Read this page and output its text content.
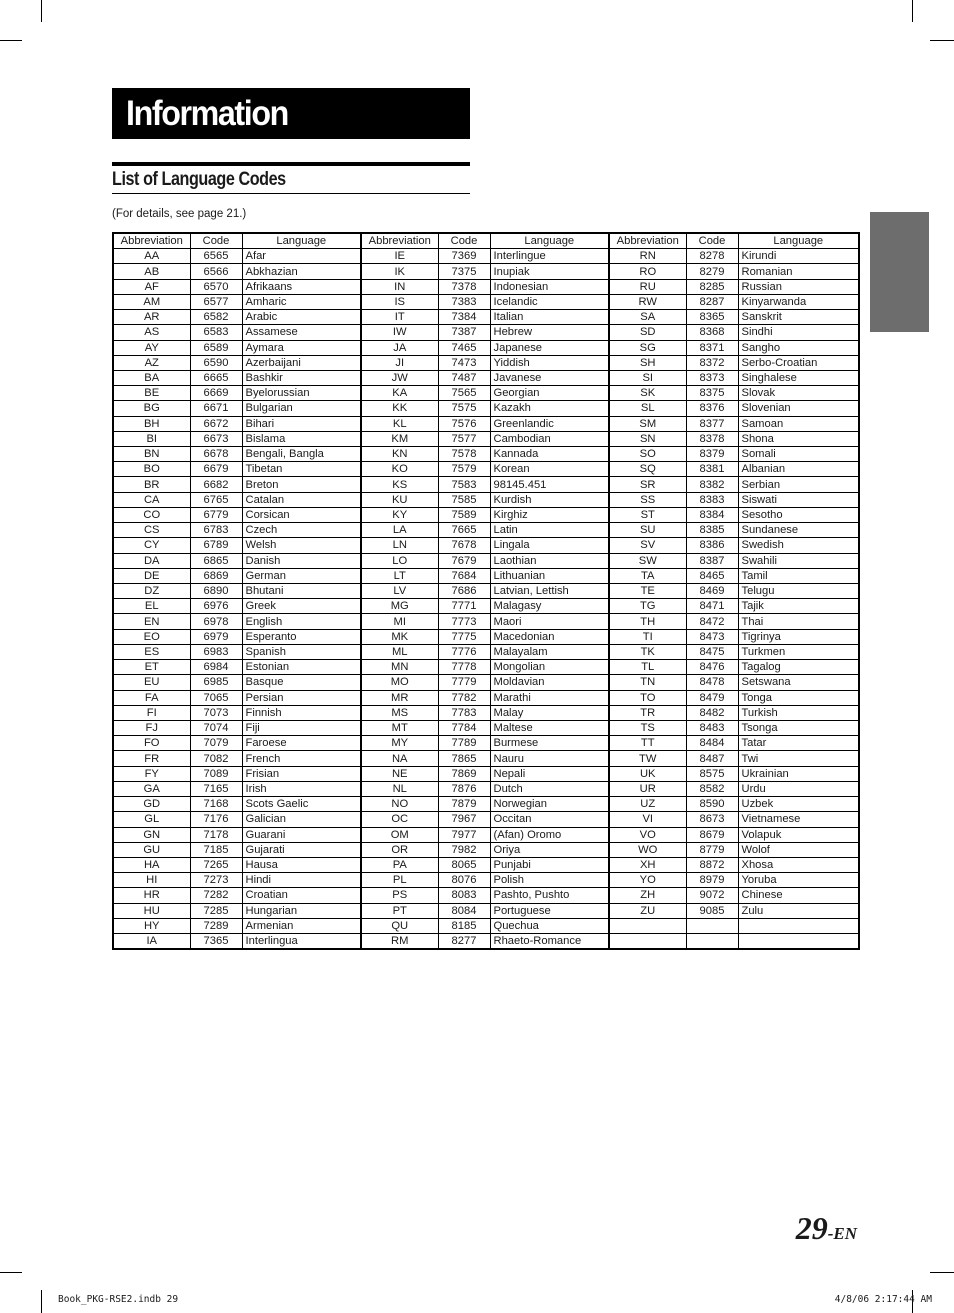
Information
List of Language Codes
(For details, see page 21.)
Abbreviation	Code	Language	Abbreviation	Code	Language	Abbreviation	Code	Language
AA	6565	Afar	IE	7369	Interlingue	RN	8278	Kirundi
AB	6566	Abkhazian	IK	7375	Inupiak	RO	8279	Romanian
AF	6570	Afrikaans	IN	7378	Indonesian	RU	8285	Russian
AM	6577	Amharic	IS	7383	Icelandic	RW	8287	Kinyarwanda
AR	6582	Arabic	IT	7384	Italian	SA	8365	Sanskrit
AS	6583	Assamese	IW	7387	Hebrew	SD	8368	Sindhi
AY	6589	Aymara	JA	7465	Japanese	SG	8371	Sangho
AZ	6590	Azerbaijani	JI	7473	Yiddish	SH	8372	Serbo-Croatian
BA	6665	Bashkir	JW	7487	Javanese	SI	8373	Singhalese
BE	6669	Byelorussian	KA	7565	Georgian	SK	8375	Slovak
BG	6671	Bulgarian	KK	7575	Kazakh	SL	8376	Slovenian
BH	6672	Bihari	KL	7576	Greenlandic	SM	8377	Samoan
BI	6673	Bislama	KM	7577	Cambodian	SN	8378	Shona
BN	6678	Bengali, Bangla	KN	7578	Kannada	SO	8379	Somali
BO	6679	Tibetan	KO	7579	Korean	SQ	8381	Albanian
BR	6682	Breton	KS	7583	98145.451	SR	8382	Serbian
CA	6765	Catalan	KU	7585	Kurdish	SS	8383	Siswati
CO	6779	Corsican	KY	7589	Kirghiz	ST	8384	Sesotho
CS	6783	Czech	LA	7665	Latin	SU	8385	Sundanese
CY	6789	Welsh	LN	7678	Lingala	SV	8386	Swedish
DA	6865	Danish	LO	7679	Laothian	SW	8387	Swahili
DE	6869	German	LT	7684	Lithuanian	TA	8465	Tamil
DZ	6890	Bhutani	LV	7686	Latvian, Lettish	TE	8469	Telugu
EL	6976	Greek	MG	7771	Malagasy	TG	8471	Tajik
EN	6978	English	MI	7773	Maori	TH	8472	Thai
EO	6979	Esperanto	MK	7775	Macedonian	TI	8473	Tigrinya
ES	6983	Spanish	ML	7776	Malayalam	TK	8475	Turkmen
ET	6984	Estonian	MN	7778	Mongolian	TL	8476	Tagalog
EU	6985	Basque	MO	7779	Moldavian	TN	8478	Setswana
FA	7065	Persian	MR	7782	Marathi	TO	8479	Tonga
FI	7073	Finnish	MS	7783	Malay	TR	8482	Turkish
FJ	7074	Fiji	MT	7784	Maltese	TS	8483	Tsonga
FO	7079	Faroese	MY	7789	Burmese	TT	8484	Tatar
FR	7082	French	NA	7865	Nauru	TW	8487	Twi
FY	7089	Frisian	NE	7869	Nepali	UK	8575	Ukrainian
GA	7165	Irish	NL	7876	Dutch	UR	8582	Urdu
GD	7168	Scots Gaelic	NO	7879	Norwegian	UZ	8590	Uzbek
GL	7176	Galician	OC	7967	Occitan	VI	8673	Vietnamese
GN	7178	Guarani	OM	7977	(Afan) Oromo	VO	8679	Volapuk
GU	7185	Gujarati	OR	7982	Oriya	WO	8779	Wolof
HA	7265	Hausa	PA	8065	Punjabi	XH	8872	Xhosa
HI	7273	Hindi	PL	8076	Polish	YO	8979	Yoruba
HR	7282	Croatian	PS	8083	Pashto, Pushto	ZH	9072	Chinese
HU	7285	Hungarian	PT	8084	Portuguese	ZU	9085	Zulu
HY	7289	Armenian	QU	8185	Quechua			
IA	7365	Interlingua	RM	8277	Rhaeto-Romance			
29-EN
Book_PKG-RSE2.indb 29	4/8/06 2:17:44 AM
